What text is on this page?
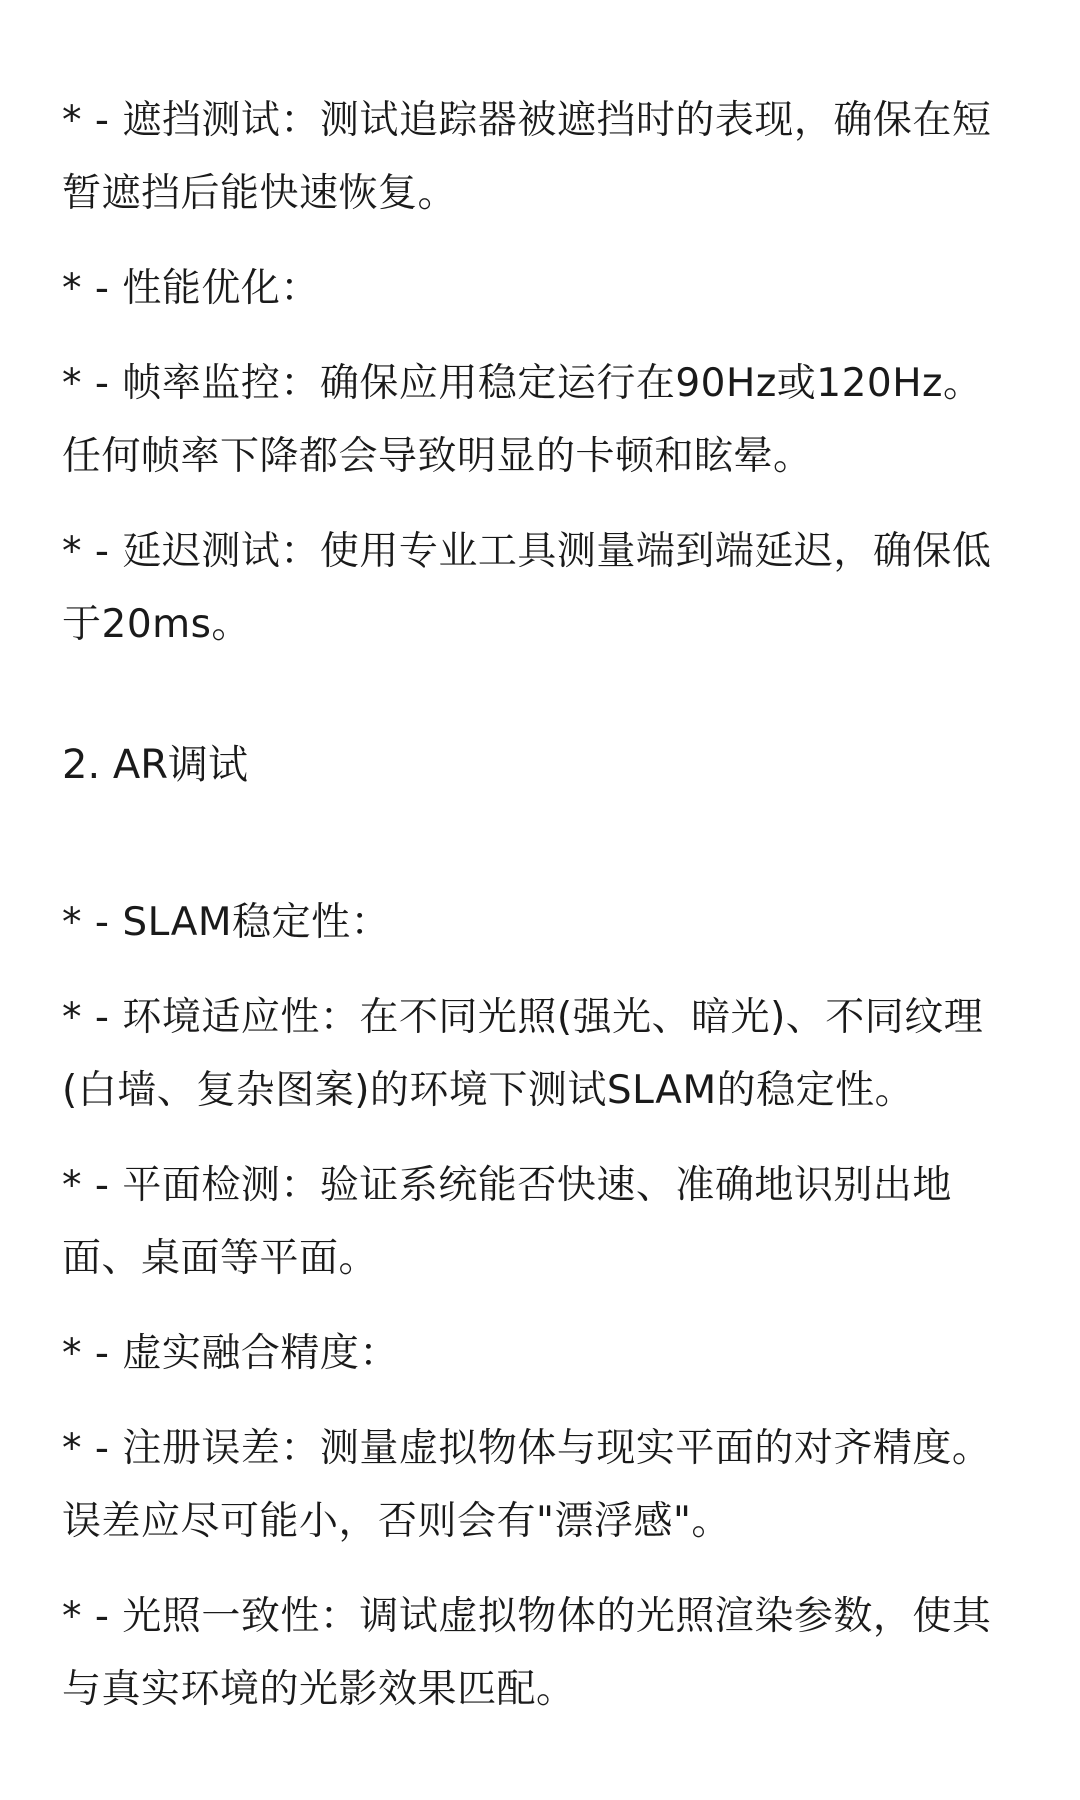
* - 遮挡测试：测试追踪器被遮挡时的表现，确保在短暂遮挡后能快速恢复。

* - 性能优化：

* - 帧率监控：确保应用稳定运行在90Hz或120Hz。任何帧率下降都会导致明显的卡顿和眩晕。

* - 延迟测试：使用专业工具测量端到端延迟，确保低于20ms。

2. AR调试

* - SLAM稳定性：

* - 环境适应性：在不同光照(强光、暗光)、不同纹理(白墙、复杂图案)的环境下测试SLAM的稳定性。

* - 平面检测：验证系统能否快速、准确地识别出地面、桌面等平面。

* - 虚实融合精度：

* - 注册误差：测量虚拟物体与现实平面的对齐精度。误差应尽可能小，否则会有"漂浮感"。

* - 光照一致性：调试虚拟物体的光照渲染参数，使其与真实环境的光影效果匹配。
